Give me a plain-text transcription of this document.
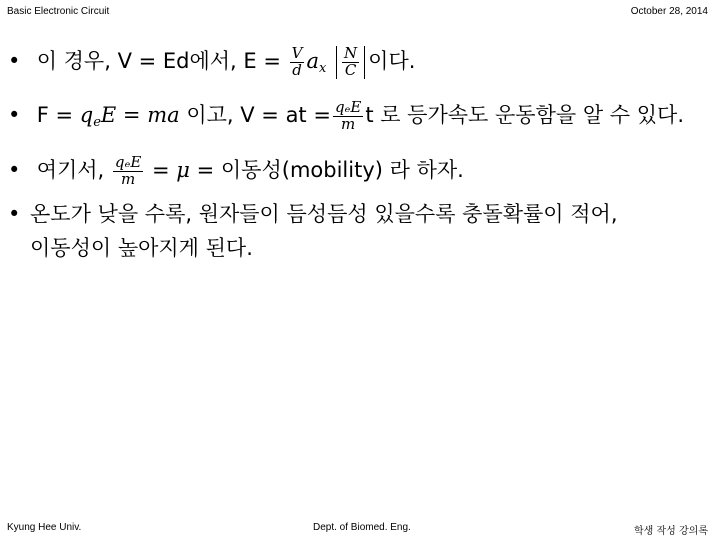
Basic Electronic Circuit	October 28, 2014
• 이 경우, V = Ed에서, $E = \frac{V}{d} a_x \frac{N}{C}$ 이다.
• $F = q_eE$ = ma 이고, V = at = $\frac{\text{qₑE}}{m}$ t 로 등가속도 운동함을 알 수 있다.
• 여기서, $\frac{\text{qₑE}}{m} = \mu$ = 이동성(mobility) 라 하자.
• 온도가 낮을 수록, 원자들이 듬성듬성 있을수록 충돌확률이 적어,
이동성이 높아지게 된다.
Kyung Hee Univ.	Dept. of Biomed. Eng.	학생 작성 강의록
